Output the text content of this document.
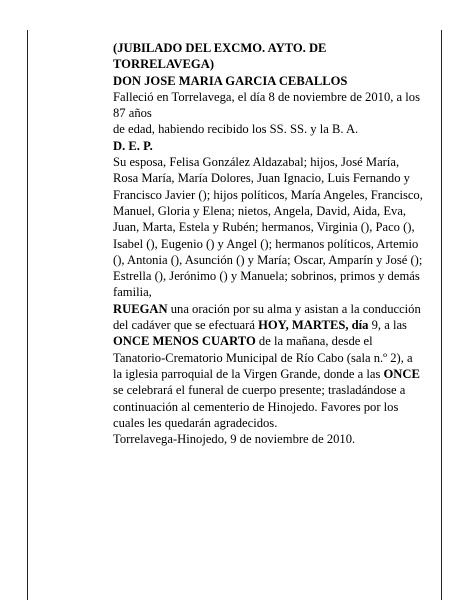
(JUBILADO DEL EXCMO. AYTO. DE TORRELAVEGA)

DON JOSE MARIA GARCIA CEBALLOS

Falleció en Torrelavega, el día 8 de noviembre de 2010, a los 87 años

de edad, habiendo recibido los SS. SS. y la B. A.

D. E. P.

Su esposa, Felisa González Aldazabal; hijos, José María, Rosa María, María Dolores, Juan Ignacio, Luis Fernando y Francisco Javier (); hijos políticos, María Angeles, Francisco, Manuel, Gloria y Elena; nietos, Angela, David, Aida, Eva, Juan, Marta, Estela y Rubén; hermanos, Virginia (), Paco (), Isabel (), Eugenio () y Angel (); hermanos políticos, Artemio (), Antonia (), Asunción () y María; Oscar, Amparín y José (); Estrella (), Jerónimo () y Manuela; sobrinos, primos y demás familia,

RUEGAN una oración por su alma y asistan a la conducción del cadáver que se efectuará HOY, MARTES, día 9, a las ONCE MENOS CUARTO de la mañana, desde el Tanatorio-Crematorio Municipal de Río Cabo (sala n.º 2), a la iglesia parroquial de la Virgen Grande, donde a las ONCE se celebrará el funeral de cuerpo presente; trasladándose a continuación al cementerio de Hinojedo. Favores por los cuales les quedarán agradecidos.

Torrelavega-Hinojedo, 9 de noviembre de 2010.
